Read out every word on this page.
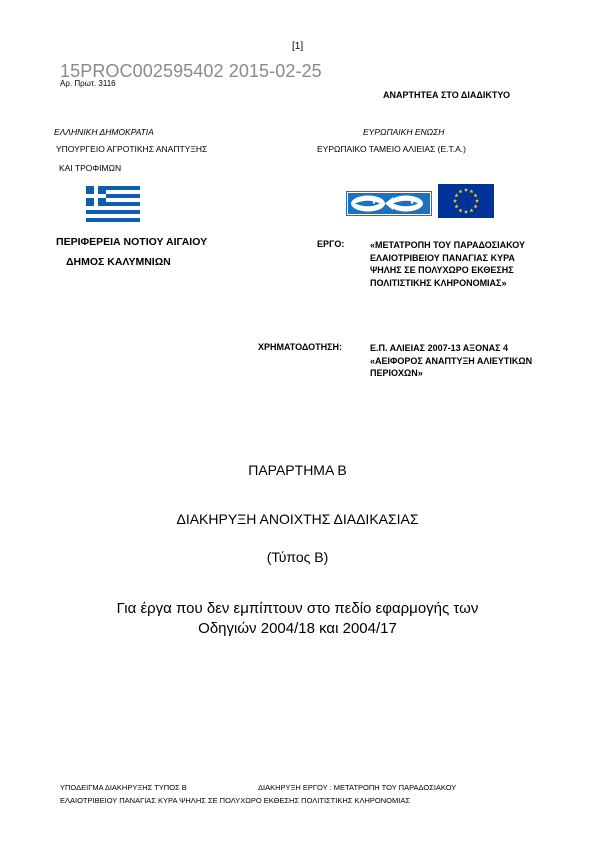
[1]
15PROC002595402 2015-02-25
Αρ. Πρωτ. 3116
ΑΝΑΡΤΗΤΕΑ ΣΤΟ ΔΙΑΔΙΚΤΥΟ
ΕΛΛΗΝΙΚΗ ΔΗΜΟΚΡΑΤΙΑ
ΥΠΟΥΡΓΕΙΟ ΑΓΡΟΤΙΚΗΣ ΑΝΑΠΤΥΞΗΣ
ΚΑΙ ΤΡΟΦΙΜΩΝ
ΕΥΡΩΠΑΙΚΗ ΕΝΩΣΗ
ΕΥΡΩΠΑΙΚΟ ΤΑΜΕΙΟ ΑΛΙΕΙΑΣ (Ε.Τ.Α.)
ΠΕΡΙΦΕΡΕΙΑ ΝΟΤΙΟΥ ΑΙΓΑΙΟΥ
ΔΗΜΟΣ ΚΑΛΥΜΝΙΩΝ
ΕΡΓΟ:	«ΜΕΤΑΤΡΟΠΗ ΤΟΥ ΠΑΡΑΔΟΣΙΑΚΟΥ ΕΛΑΙΟΤΡΙΒΕΙΟΥ ΠΑΝΑΓΙΑΣ ΚΥΡΑ ΨΗΛΗΣ ΣΕ ΠΟΛΥΧΩΡΟ ΕΚΘΕΣΗΣ ΠΟΛΙΤΙΣΤΙΚΗΣ ΚΛΗΡΟΝΟΜΙΑΣ»
ΧΡΗΜΑΤΟΔΟΤΗΣΗ:	Ε.Π. ΑΛΙΕΙΑΣ 2007-13 ΑΞΟΝΑΣ 4 «ΑΕΙΦΟΡΟΣ ΑΝΑΠΤΥΞΗ ΑΛΙΕΥΤΙΚΩΝ ΠΕΡΙΟΧΩΝ»
ΠΑΡΑΡΤΗΜΑ Β
ΔΙΑΚΗΡΥΞΗ ΑΝΟΙΧΤΗΣ ΔΙΑΔΙΚΑΣΙΑΣ
(Τύπος Β)
Για έργα που δεν εμπίπτουν στο πεδίο εφαρμογής των
Οδηγιών 2004/18 και 2004/17
ΥΠΟΔΕΙΓΜΑ ΔΙΑΚΗΡΥΞΗΣ ΤΥΠΟΣ Β	ΔΙΑΚΗΡΥΞΗ ΕΡΓΟΥ : ΜΕΤΑΤΡΟΠΗ ΤΟΥ ΠΑΡΑΔΟΣΙΑΚΟΥ
ΕΛΑΙΟΤΡΙΒΕΙΟΥ ΠΑΝΑΓΙΑΣ ΚΥΡΑ ΨΗΛΗΣ ΣΕ ΠΟΛΥΧΩΡΟ ΕΚΘΕΣΗΣ ΠΟΛΙΤΙΣΤΙΚΗΣ ΚΛΗΡΟΝΟΜΙΑΣ
